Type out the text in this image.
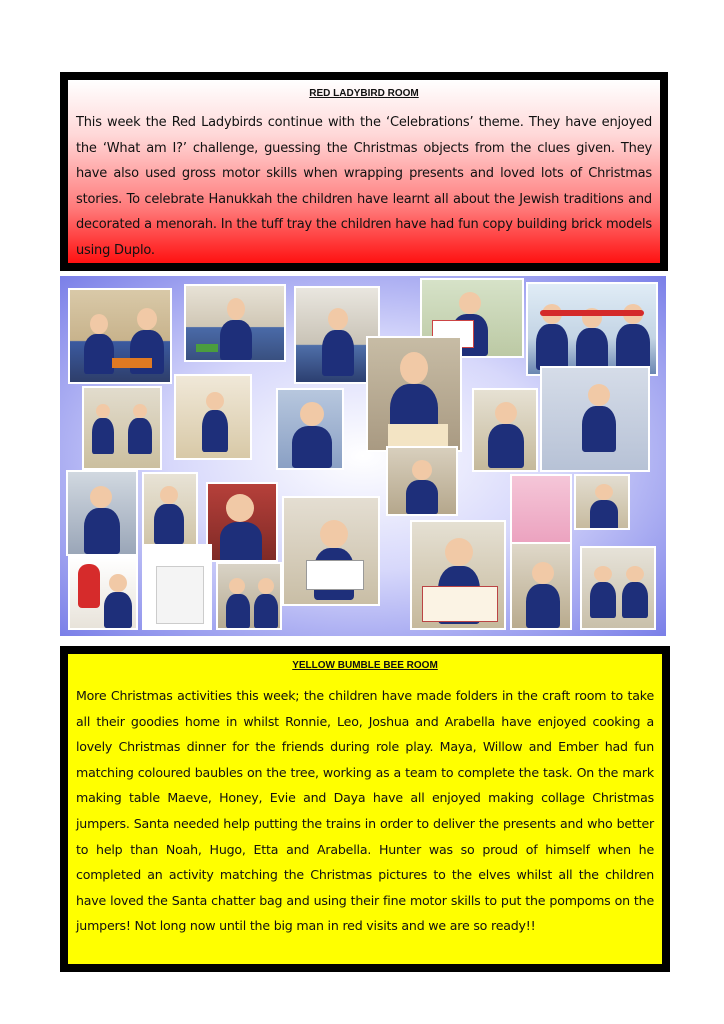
RED LADYBIRD ROOM
This week the Red Ladybirds continue with the ‘Celebrations’ theme. They have enjoyed the ‘What am I?’ challenge, guessing the Christmas objects from the clues given. They have also used gross motor skills when wrapping presents and loved lots of Christmas stories. To celebrate Hanukkah the children have learnt all about the Jewish traditions and decorated a menorah. In the tuff tray the children have had fun copy building brick models using Duplo.
YELLOW BUMBLE BEE ROOM
More Christmas activities this week; the children have made folders in the craft room to take all their goodies home in whilst Ronnie, Leo, Joshua and Arabella have enjoyed cooking a lovely Christmas dinner for the friends during role play. Maya, Willow and Ember had fun matching coloured baubles on the tree, working as a team to complete the task. On the mark making table Maeve, Honey, Evie and Daya have all enjoyed making collage Christmas jumpers. Santa needed help putting the trains in order to deliver the presents and who better to help than Noah, Hugo, Etta and Arabella. Hunter was so proud of himself when he completed an activity matching the Christmas pictures to the elves whilst all the children have loved the Santa chatter bag and using their fine motor skills to put the pompoms on the jumpers! Not long now until the big man in red visits and we are so ready!!
